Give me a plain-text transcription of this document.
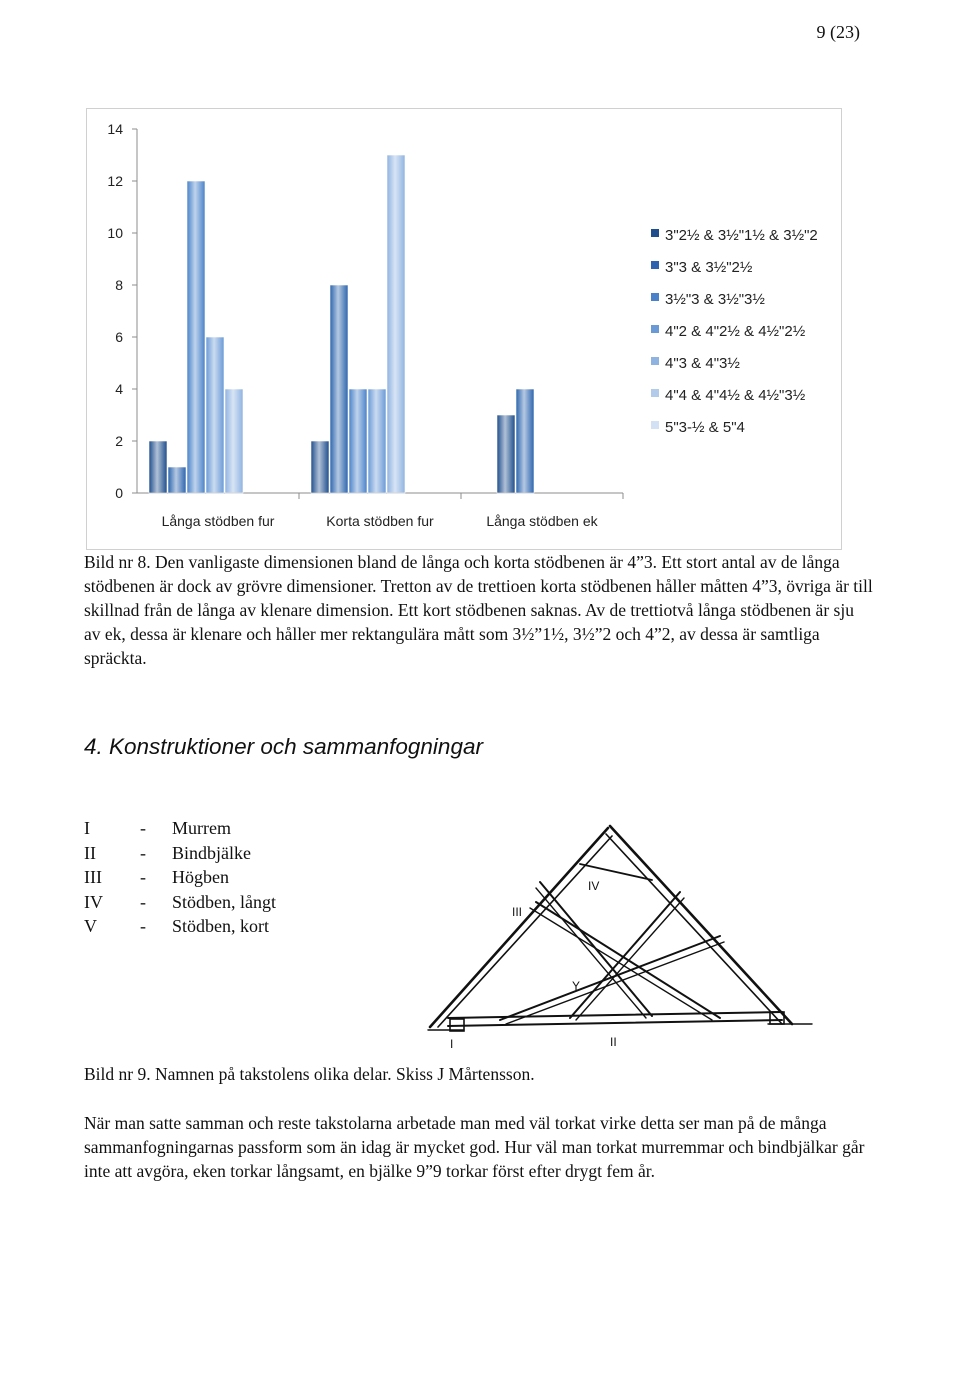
9 (23)
0
2
4
6
8
10
12
14
Långa stödben fur	Korta stödben fur	Långa stödben ek
3"2½ & 3½"1½ & 3½"2
3"3 & 3½"2½
3½"3 & 3½"3½
4"2 & 4"2½ & 4½"2½
4"3 & 4"3½
4"4 & 4"4½ & 4½"3½
5"3-½ & 5"4

Bild nr 8. Den vanligaste dimensionen bland de långa och korta stödbenen är 4”3. Ett stort antal av de långa stödbenen är dock av grövre dimensioner. Tretton av de trettioen korta stödbenen håller måtten 4”3, övriga är till skillnad från de långa av klenare dimension. Ett kort stödbenen saknas. Av de trettiotvå långa stödbenen är sju av ek, dessa är klenare och håller mer rektangulära mått som 3½”1½, 3½”2 och 4”2, av dessa är samtliga spräckta.

4. Konstruktioner och sammanfogningar
I	-	Murrem
II	-	Bindbjälke
III	-	Högben
IV	-	Stödben, långt
V	-	Stödben, kort
I	II
III
IV
Y

Bild nr 9. Namnen på takstolens olika delar. Skiss J Mårtensson.

När man satte samman och reste takstolarna arbetade man med väl torkat virke detta ser man på de många sammanfogningarnas passform som än idag är mycket god. Hur väl man torkat murremmar och bindbjälkar går inte att avgöra, eken torkar långsamt, en bjälke 9”9 torkar först efter drygt fem år.
